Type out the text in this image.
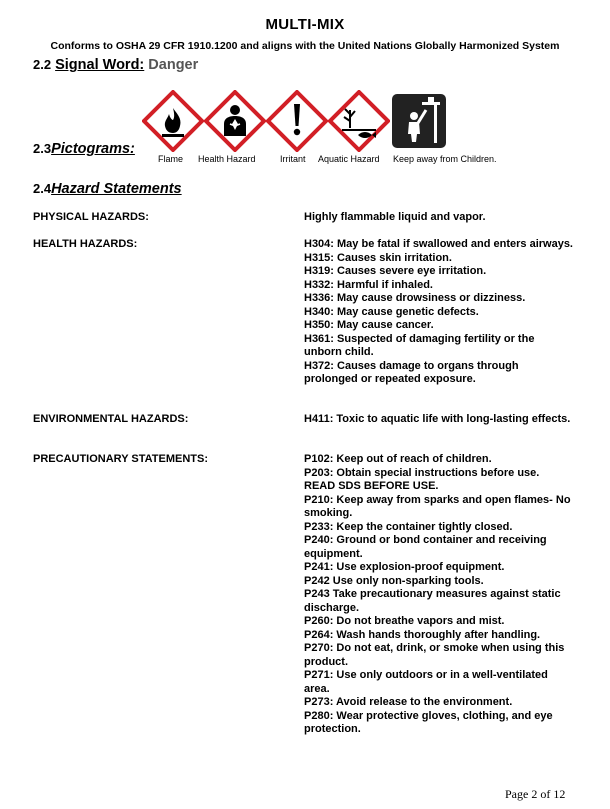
MULTI-MIX
Conforms to OSHA 29 CFR 1910.1200 and aligns with the United Nations Globally Harmonized System
2.2 Signal Word: Danger
2.3Pictograms:
Flame Health Hazard	Irritant Aquatic Hazard Keep away from Children.
2.4Hazard Statements
PHYSICAL HAZARDS:	Highly flammable liquid and vapor.
HEALTH HAZARDS:	H304: May be fatal if swallowed and enters airways.
H315: Causes skin irritation.
H319: Causes severe eye irritation.
H332: Harmful if inhaled.
H336: May cause drowsiness or dizziness.
H340: May cause genetic defects.
H350: May cause cancer.
H361: Suspected of damaging fertility or the unborn child.
H372: Causes damage to organs through prolonged or repeated exposure.
ENVIRONMENTAL HAZARDS:	H411: Toxic to aquatic life with long-lasting effects.
PRECAUTIONARY STATEMENTS:	P102: Keep out of reach of children.
P203: Obtain special instructions before use.
READ SDS BEFORE USE.
P210: Keep away from sparks and open flames- No smoking.
P233: Keep the container tightly closed.
P240: Ground or bond container and receiving equipment.
P241: Use explosion-proof equipment.
P242 Use only non-sparking tools.
P243 Take precautionary measures against static discharge.
P260: Do not breathe vapors and mist.
P264: Wash hands thoroughly after handling.
P270: Do not eat, drink, or smoke when using this product.
P271: Use only outdoors or in a well-ventilated area.
P273: Avoid release to the environment.
P280: Wear protective gloves, clothing, and eye protection.
Page 2 of 12
